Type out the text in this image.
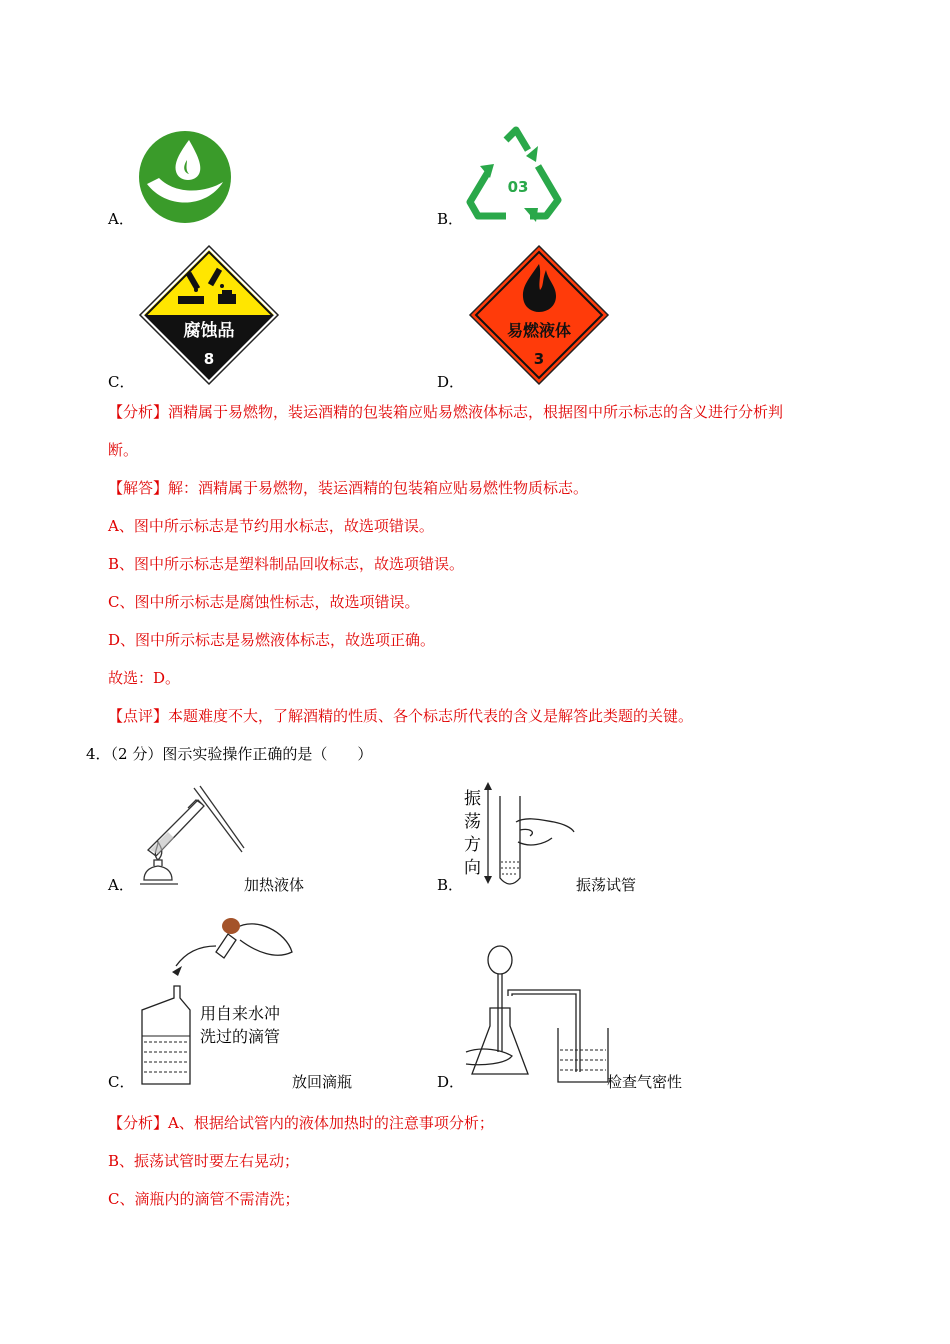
A．	B．
03
C．
腐蚀品
8
D．
易燃液体
3
【分析】酒精属于易燃物，装运酒精的包装箱应贴易燃液体标志，根据图中所示标志的含义进行分析判
断。
【解答】解：酒精属于易燃物，装运酒精的包装箱应贴易燃性物质标志。
A、图中所示标志是节约用水标志，故选项错误。
B、图中所示标志是塑料制品回收标志，故选项错误。
C、图中所示标志是腐蚀性标志，故选项错误。
D、图中所示标志是易燃液体标志，故选项正确。
故选：D。
【点评】本题难度不大，了解酒精的性质、各个标志所代表的含义是解答此类题的关键。
4．（2 分）图示实验操作正确的是（　　）
A．	加热液体	B．
振
荡
方
向
振荡试管
C．
用自来水冲
洗过的滴管
放回滴瓶	D．	检查气密性
【分析】A、根据给试管内的液体加热时的注意事项分析；
B、振荡试管时要左右晃动；
C、滴瓶内的滴管不需清洗；
